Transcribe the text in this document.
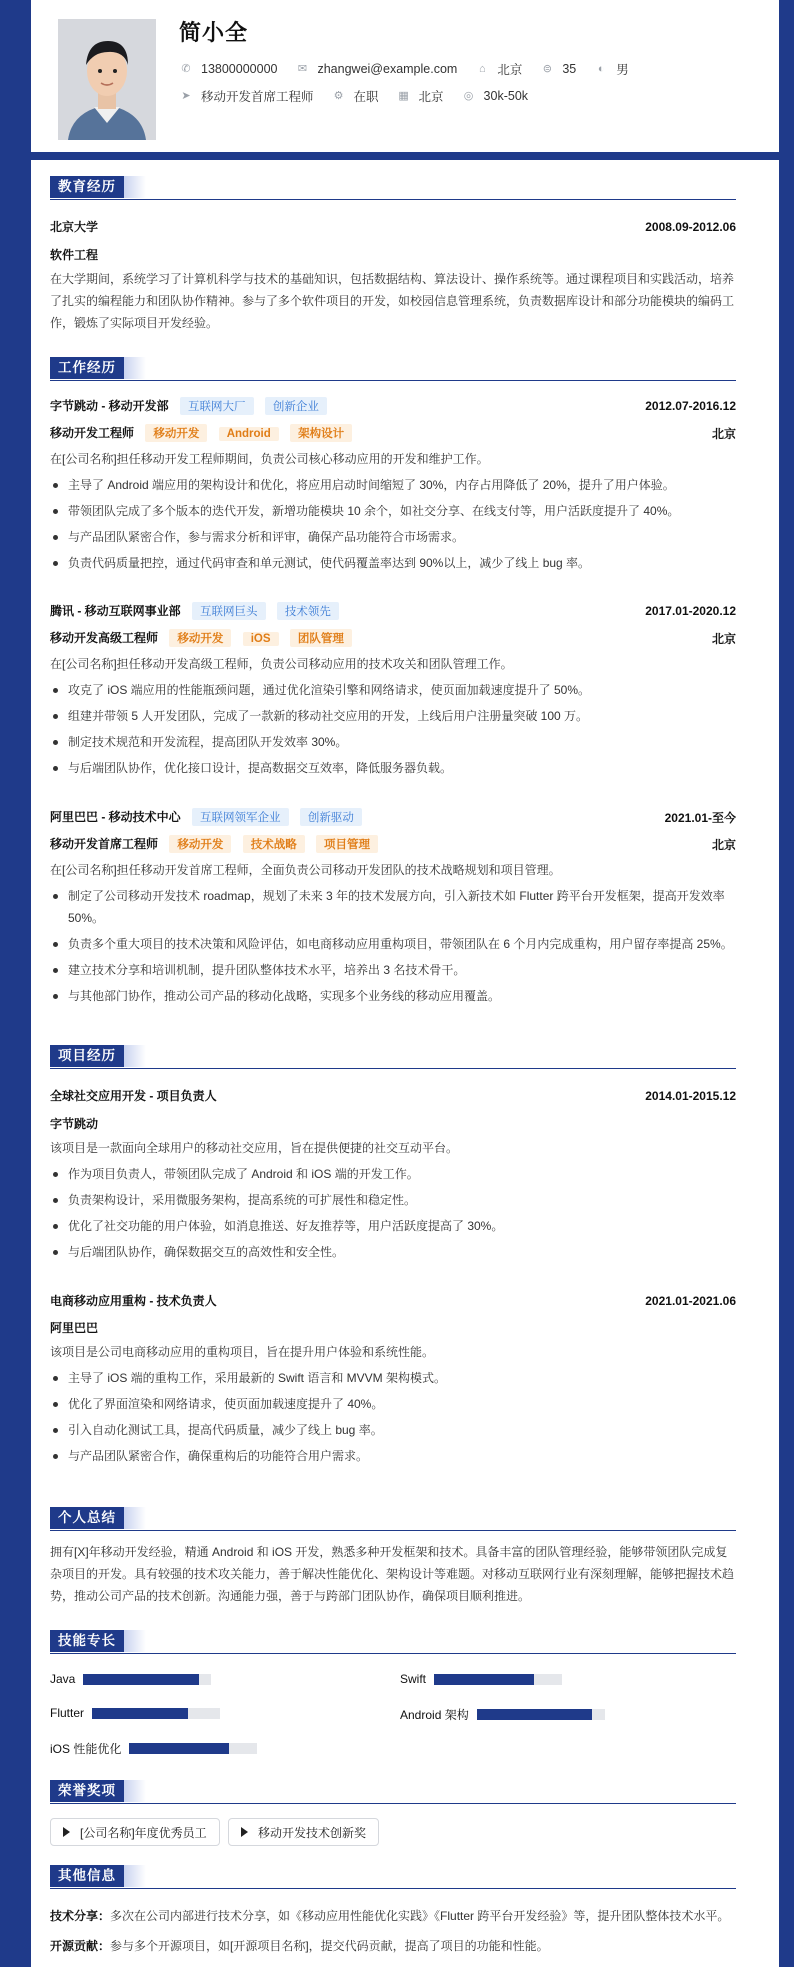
简小全
✆ 13800000000 ✉ zhangwei@example.com	⌂ 北京 ⊜ 35	◐ 男
➤ 移动开发首席工程师 ⚙ 在职 ▦ 北京 ◎ 30k-50k
教育经历
北京大学	2008.09-2012.06
软件工程
在大学期间，系统学习了计算机科学与技术的基础知识，包括数据结构、算法设计、操作系统等。通过课程项目和实践活动，培养了扎实的编程能力和团队协作精神。参与了多个软件项目的开发，如校园信息管理系统，负责数据库设计和部分功能模块的编码工作，锻炼了实际项目开发经验。
工作经历
字节跳动 - 移动开发部 互联网大厂 创新企业	2012.07-2016.12
移动开发工程师 移动开发 Android 架构设计	北京
在[公司名称]担任移动开发工程师期间，负责公司核心移动应用的开发和维护工作。
主导了 Android 端应用的架构设计和优化，将应用启动时间缩短了 30%，内存占用降低了 20%，提升了用户体验。
带领团队完成了多个版本的迭代开发，新增功能模块 10 余个，如社交分享、在线支付等，用户活跃度提升了 40%。
与产品团队紧密合作，参与需求分析和评审，确保产品功能符合市场需求。
负责代码质量把控，通过代码审查和单元测试，使代码覆盖率达到 90%以上，减少了线上 bug 率。
腾讯 - 移动互联网事业部 互联网巨头 技术领先	2017.01-2020.12
移动开发高级工程师 移动开发 iOS 团队管理	北京
在[公司名称]担任移动开发高级工程师，负责公司移动应用的技术攻关和团队管理工作。
攻克了 iOS 端应用的性能瓶颈问题，通过优化渲染引擎和网络请求，使页面加载速度提升了 50%。
组建并带领 5 人开发团队，完成了一款新的移动社交应用的开发，上线后用户注册量突破 100 万。
制定技术规范和开发流程，提高团队开发效率 30%。
与后端团队协作，优化接口设计，提高数据交互效率，降低服务器负载。
阿里巴巴 - 移动技术中心 互联网领军企业 创新驱动	2021.01-至今
移动开发首席工程师 移动开发 技术战略 项目管理	北京
在[公司名称]担任移动开发首席工程师，全面负责公司移动开发团队的技术战略规划和项目管理。
制定了公司移动开发技术 roadmap，规划了未来 3 年的技术发展方向，引入新技术如 Flutter 跨平台开发框架，提高开发效率 50%。
负责多个重大项目的技术决策和风险评估，如电商移动应用重构项目，带领团队在 6 个月内完成重构，用户留存率提高 25%。
建立技术分享和培训机制，提升团队整体技术水平，培养出 3 名技术骨干。
与其他部门协作，推动公司产品的移动化战略，实现多个业务线的移动应用覆盖。
项目经历
全球社交应用开发 - 项目负责人	2014.01-2015.12
字节跳动
该项目是一款面向全球用户的移动社交应用，旨在提供便捷的社交互动平台。
作为项目负责人，带领团队完成了 Android 和 iOS 端的开发工作。
负责架构设计，采用微服务架构，提高系统的可扩展性和稳定性。
优化了社交功能的用户体验，如消息推送、好友推荐等，用户活跃度提高了 30%。
与后端团队协作，确保数据交互的高效性和安全性。
电商移动应用重构 - 技术负责人	2021.01-2021.06
阿里巴巴
该项目是公司电商移动应用的重构项目，旨在提升用户体验和系统性能。
主导了 iOS 端的重构工作，采用最新的 Swift 语言和 MVVM 架构模式。
优化了界面渲染和网络请求，使页面加载速度提升了 40%。
引入自动化测试工具，提高代码质量，减少了线上 bug 率。
与产品团队紧密合作，确保重构后的功能符合用户需求。
个人总结
拥有[X]年移动开发经验，精通 Android 和 iOS 开发，熟悉多种开发框架和技术。具备丰富的团队管理经验，能够带领团队完成复杂项目的开发。具有较强的技术攻关能力，善于解决性能优化、架构设计等难题。对移动互联网行业有深刻理解，能够把握技术趋势，推动公司产品的技术创新。沟通能力强，善于与跨部门团队协作，确保项目顺利推进。
技能专长
Java	Swift
Flutter	Android 架构
iOS 性能优化
荣誉奖项
[公司名称]年度优秀员工	移动开发技术创新奖
其他信息
技术分享：多次在公司内部进行技术分享，如《移动应用性能优化实践》《Flutter 跨平台开发经验》等，提升团队整体技术水平。
开源贡献：参与多个开源项目，如[开源项目名称]，提交代码贡献，提高了项目的功能和性能。
